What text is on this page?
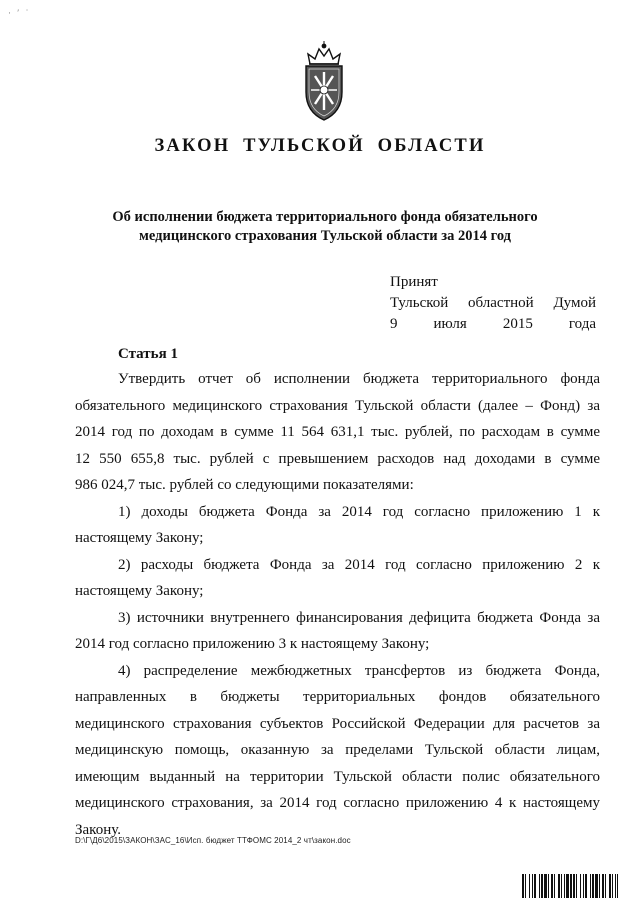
· ′ ˙
ЗАКОН ТУЛЬСКОЙ ОБЛАСТИ
Об исполнении бюджета территориального фонда обязательного
медицинского страхования Тульской области за 2014 год
Принят
Тульской областной Думой
9 июля 2015 года
Статья 1
Утвердить отчет об исполнении бюджета территориального фонда
обязательного медицинского страхования Тульской области (далее – Фонд) за
2014 год по доходам в сумме 11 564 631,1 тыс. рублей, по расходам в сумме
12 550 655,8 тыс. рублей с превышением расходов над доходами в сумме
986 024,7 тыс. рублей со следующими показателями:
1) доходы бюджета Фонда за 2014 год согласно приложению 1 к
настоящему Закону;
2) расходы бюджета Фонда за 2014 год согласно приложению 2 к
настоящему Закону;
3) источники внутреннего финансирования дефицита бюджета Фонда за
2014 год согласно приложению 3 к настоящему Закону;
4) распределение межбюджетных трансфертов из бюджета Фонда,
направленных в бюджеты территориальных фондов обязательного
медицинского страхования субъектов Российской Федерации для расчетов за
медицинскую помощь, оказанную за пределами Тульской области лицам,
имеющим выданный на территории Тульской области полис обязательного
медицинского страхования, за 2014 год согласно приложению 4 к настоящему
Закону.
D:\Г\Д6\2015\ЗАКОН\ЗАС_16\Исп. бюджет ТТФОМС 2014_2 чт\закон.doc
